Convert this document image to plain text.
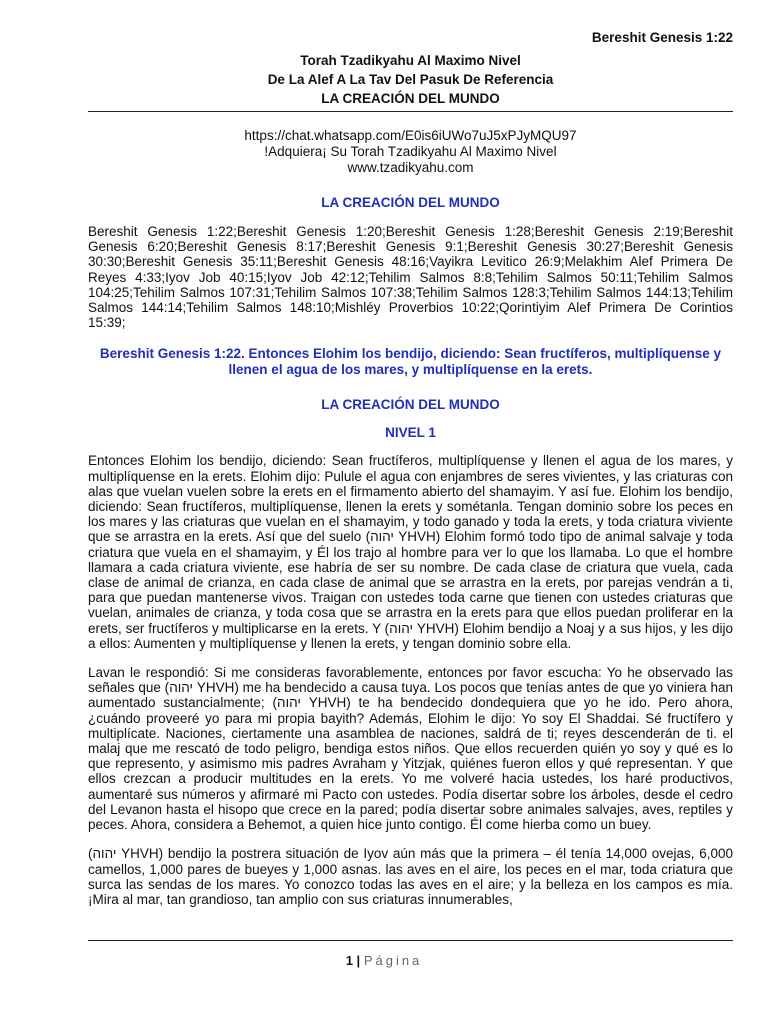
Bereshit Genesis 1:22
Torah Tzadikyahu Al Maximo Nivel
De La Alef A La Tav Del Pasuk De Referencia
LA CREACIÓN DEL MUNDO
https://chat.whatsapp.com/E0is6iUWo7uJ5xPJyMQU97
!Adquiera¡ Su Torah Tzadikyahu Al Maximo Nivel
www.tzadikyahu.com
LA CREACIÓN DEL MUNDO

Bereshit Genesis 1:22;Bereshit Genesis 1:20;Bereshit Genesis 1:28;Bereshit Genesis 2:19;Bereshit Genesis 6:20;Bereshit Genesis 8:17;Bereshit Genesis 9:1;Bereshit Genesis 30:27;Bereshit Genesis 30:30;Bereshit Genesis 35:11;Bereshit Genesis 48:16;Vayikra Levitico 26:9;Melakhim Alef Primera De Reyes 4:33;Iyov Job 40:15;Iyov Job 42:12;Tehilim Salmos 8:8;Tehilim Salmos 50:11;Tehilim Salmos 104:25;Tehilim Salmos 107:31;Tehilim Salmos 107:38;Tehilim Salmos 128:3;Tehilim Salmos 144:13;Tehilim Salmos 144:14;Tehilim Salmos 148:10;Mishléy Proverbios 10:22;Qorintiyim Alef Primera De Corintios 15:39;

Bereshit Genesis 1:22. Entonces Elohim los bendijo, diciendo: Sean fructíferos, multiplíquense y llenen el agua de los mares, y multiplíquense en la erets.
LA CREACIÓN DEL MUNDO
NIVEL 1

Entonces Elohim los bendijo, diciendo: Sean fructíferos, multiplíquense y llenen el agua de los mares, y multiplíquense en la erets. Elohim dijo: Pulule el agua con enjambres de seres vivientes, y las criaturas con alas que vuelan vuelen sobre la erets en el firmamento abierto del shamayim. Y así fue. Elohim los bendijo, diciendo: Sean fructíferos, multiplíquense, llenen la erets y sométanla. Tengan dominio sobre los peces en los mares y las criaturas que vuelan en el shamayim, y todo ganado y toda la erets, y toda criatura viviente que se arrastra en la erets. Así que del suelo (יהוה YHVH) Elohim formó todo tipo de animal salvaje y toda criatura que vuela en el shamayim, y Él los trajo al hombre para ver lo que los llamaba. Lo que el hombre llamara a cada criatura viviente, ese habría de ser su nombre. De cada clase de criatura que vuela, cada clase de animal de crianza, en cada clase de animal que se arrastra en la erets, por parejas vendrán a ti, para que puedan mantenerse vivos. Traigan con ustedes toda carne que tienen con ustedes criaturas que vuelan, animales de crianza, y toda cosa que se arrastra en la erets para que ellos puedan proliferar en la erets, ser fructíferos y multiplicarse en la erets. Y (יהוה YHVH) Elohim bendijo a Noaj y a sus hijos, y les dijo a ellos: Aumenten y multiplíquense y llenen la erets, y tengan dominio sobre ella.

Lavan le respondió: Si me consideras favorablemente, entonces por favor escucha: Yo he observado las señales que (יהוה YHVH) me ha bendecido a causa tuya. Los pocos que tenías antes de que yo viniera han aumentado sustancialmente; (יהוה YHVH) te ha bendecido dondequiera que yo he ido. Pero ahora, ¿cuándo proveeré yo para mi propia bayith? Además, Elohim le dijo: Yo soy El Shaddai. Sé fructífero y multiplícate. Naciones, ciertamente una asamblea de naciones, saldrá de ti; reyes descenderán de ti. el malaj que me rescató de todo peligro, bendiga estos niños. Que ellos recuerden quién yo soy y qué es lo que represento, y asimismo mis padres Avraham y Yitzjak, quiénes fueron ellos y qué representan. Y que ellos crezcan a producir multitudes en la erets. Yo me volveré hacia ustedes, los haré productivos, aumentaré sus números y afirmaré mi Pacto con ustedes. Podía disertar sobre los árboles, desde el cedro del Levanon hasta el hisopo que crece en la pared; podía disertar sobre animales salvajes, aves, reptiles y peces. Ahora, considera a Behemot, a quien hice junto contigo. Él come hierba como un buey.

(יהוה YHVH) bendijo la postrera situación de Iyov aún más que la primera – él tenía 14,000 ovejas, 6,000 camellos, 1,000 pares de bueyes y 1,000 asnas. las aves en el aire, los peces en el mar, toda criatura que surca las sendas de los mares. Yo conozco todas las aves en el aire; y la belleza en los campos es mía. ¡Mira al mar, tan grandioso, tan amplio con sus criaturas innumerables,

1 | Página
